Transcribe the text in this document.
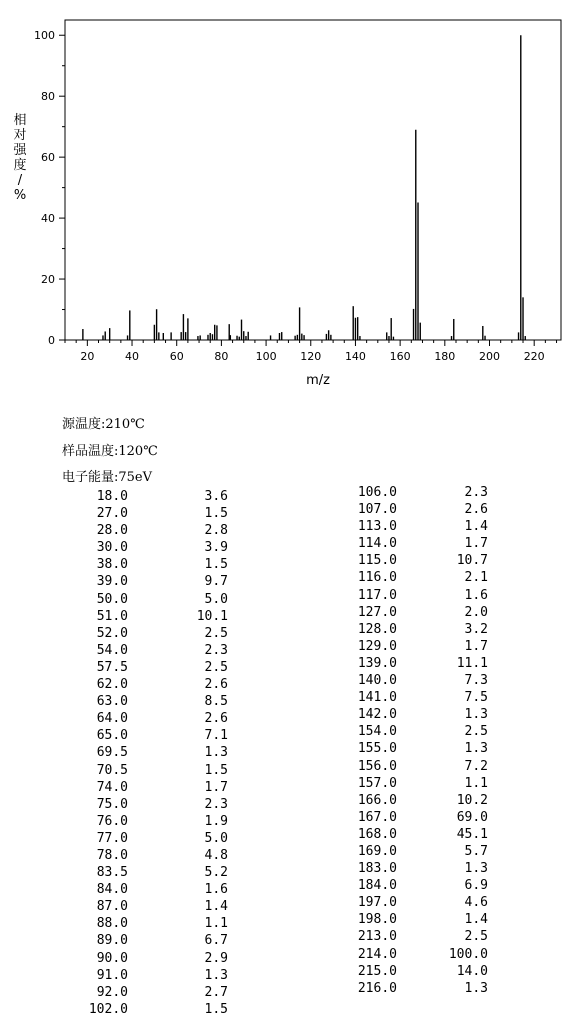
0
20
40
60
80
100
20	40	60	80 100 120 140 160 180 200 220
相对强度/ %
m/z
源温度:210℃
样品温度:120℃
电子能量:75eV
18.0	3.6
27.0	1.5
28.0	2.8
30.0	3.9
38.0	1.5
39.0	9.7
50.0	5.0
51.0	10.1
52.0	2.5
54.0	2.3
57.5	2.5
62.0	2.6
63.0	8.5
64.0	2.6
65.0	7.1
69.5	1.3
70.5	1.5
74.0	1.7
75.0	2.3
76.0	1.9
77.0	5.0
78.0	4.8
83.5	5.2
84.0	1.6
87.0	1.4
88.0	1.1
89.0	6.7
90.0	2.9
91.0	1.3
92.0	2.7
102.0	1.5
106.0	2.3
107.0	2.6
113.0	1.4
114.0	1.7
115.0	10.7
116.0	2.1
117.0	1.6
127.0	2.0
128.0	3.2
129.0	1.7
139.0	11.1
140.0	7.3
141.0	7.5
142.0	1.3
154.0	2.5
155.0	1.3
156.0	7.2
157.0	1.1
166.0	10.2
167.0	69.0
168.0	45.1
169.0	5.7
183.0	1.3
184.0	6.9
197.0	4.6
198.0	1.4
213.0	2.5
214.0	100.0
215.0	14.0
216.0	1.3
